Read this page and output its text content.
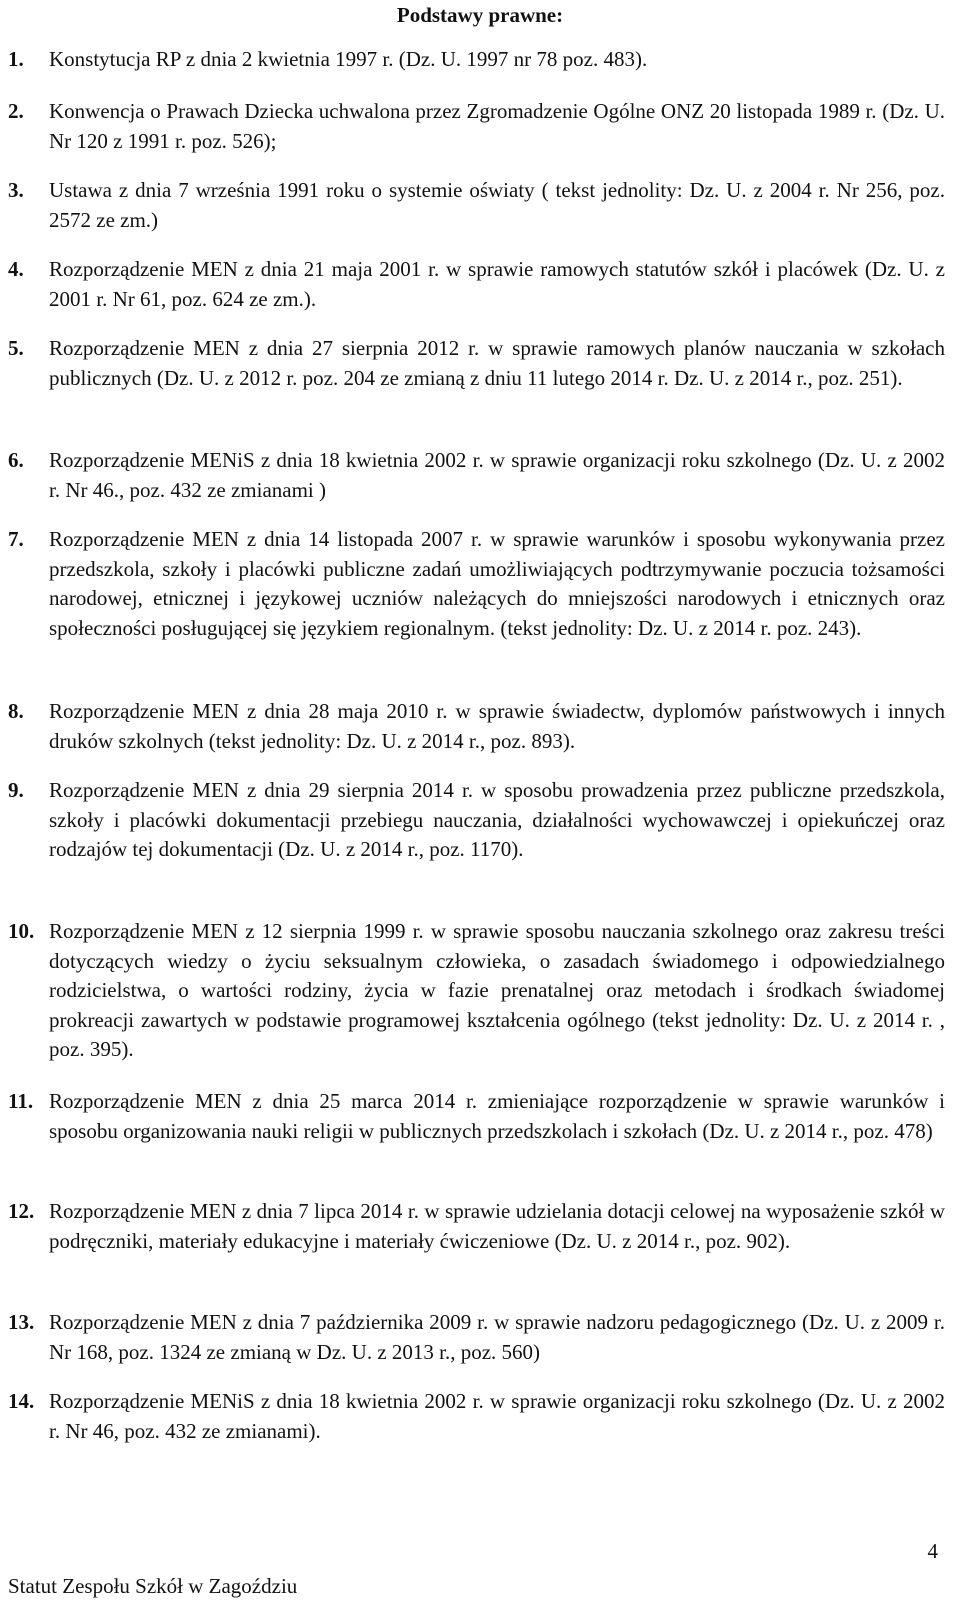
Podstawy prawne:
1. Konstytucja RP z dnia 2 kwietnia 1997 r. (Dz. U. 1997 nr 78 poz. 483).
2. Konwencja o Prawach Dziecka uchwalona przez Zgromadzenie Ogólne ONZ 20 listopada 1989 r. (Dz. U. Nr 120 z 1991 r. poz. 526);
3. Ustawa z dnia 7 września 1991 roku o systemie oświaty ( tekst jednolity: Dz. U. z 2004 r. Nr 256, poz. 2572 ze zm.)
4. Rozporządzenie MEN z dnia 21 maja 2001 r. w sprawie ramowych statutów szkół i placówek (Dz. U. z 2001 r. Nr 61, poz. 624 ze zm.).
5. Rozporządzenie MEN z dnia 27 sierpnia 2012 r. w sprawie ramowych planów nauczania w szkołach publicznych (Dz. U. z 2012 r. poz. 204 ze zmianą z dniu 11 lutego 2014 r. Dz. U. z 2014 r., poz. 251).
6. Rozporządzenie MENiS z dnia 18 kwietnia 2002 r. w sprawie organizacji roku szkolnego (Dz. U. z 2002 r. Nr 46., poz. 432 ze zmianami )
7. Rozporządzenie MEN z dnia 14 listopada 2007 r. w sprawie warunków i sposobu wykonywania przez przedszkola, szkoły i placówki publiczne zadań umożliwiających podtrzymywanie poczucia tożsamości narodowej, etnicznej i językowej uczniów należących do mniejszości narodowych i etnicznych oraz społeczności posługującej się językiem regionalnym. (tekst jednolity: Dz. U. z 2014 r. poz. 243).
8. Rozporządzenie MEN z dnia 28 maja 2010 r. w sprawie świadectw, dyplomów państwowych i innych druków szkolnych (tekst jednolity: Dz. U. z 2014 r., poz. 893).
9. Rozporządzenie MEN z dnia 29 sierpnia 2014 r. w sposobu prowadzenia przez publiczne przedszkola, szkoły i placówki dokumentacji przebiegu nauczania, działalności wychowawczej i opiekuńczej oraz rodzajów tej dokumentacji (Dz. U. z 2014 r., poz. 1170).
10. Rozporządzenie MEN z 12 sierpnia 1999 r. w sprawie sposobu nauczania szkolnego oraz zakresu treści dotyczących wiedzy o życiu seksualnym człowieka, o zasadach świadomego i odpowiedzialnego rodzicielstwa, o wartości rodziny, życia w fazie prenatalnej oraz metodach i środkach świadomej prokreacji zawartych w podstawie programowej kształcenia ogólnego (tekst jednolity: Dz. U. z 2014 r. , poz. 395).
11. Rozporządzenie MEN z dnia 25 marca 2014 r. zmieniające rozporządzenie w sprawie warunków i sposobu organizowania nauki religii w publicznych przedszkolach i szkołach (Dz. U. z 2014 r., poz. 478)
12. Rozporządzenie MEN z dnia 7 lipca 2014 r. w sprawie udzielania dotacji celowej na wyposażenie szkół w podręczniki, materiały edukacyjne i materiały ćwiczeniowe (Dz. U. z 2014 r., poz. 902).
13. Rozporządzenie MEN z dnia 7 października 2009 r. w sprawie nadzoru pedagogicznego (Dz. U. z 2009 r. Nr 168, poz. 1324 ze zmianą w Dz. U. z 2013 r., poz. 560)
14. Rozporządzenie MENiS z dnia 18 kwietnia 2002 r. w sprawie organizacji roku szkolnego (Dz. U. z 2002 r. Nr 46, poz. 432 ze zmianami).
4
Statut Zespołu Szkół w Zagoździu
